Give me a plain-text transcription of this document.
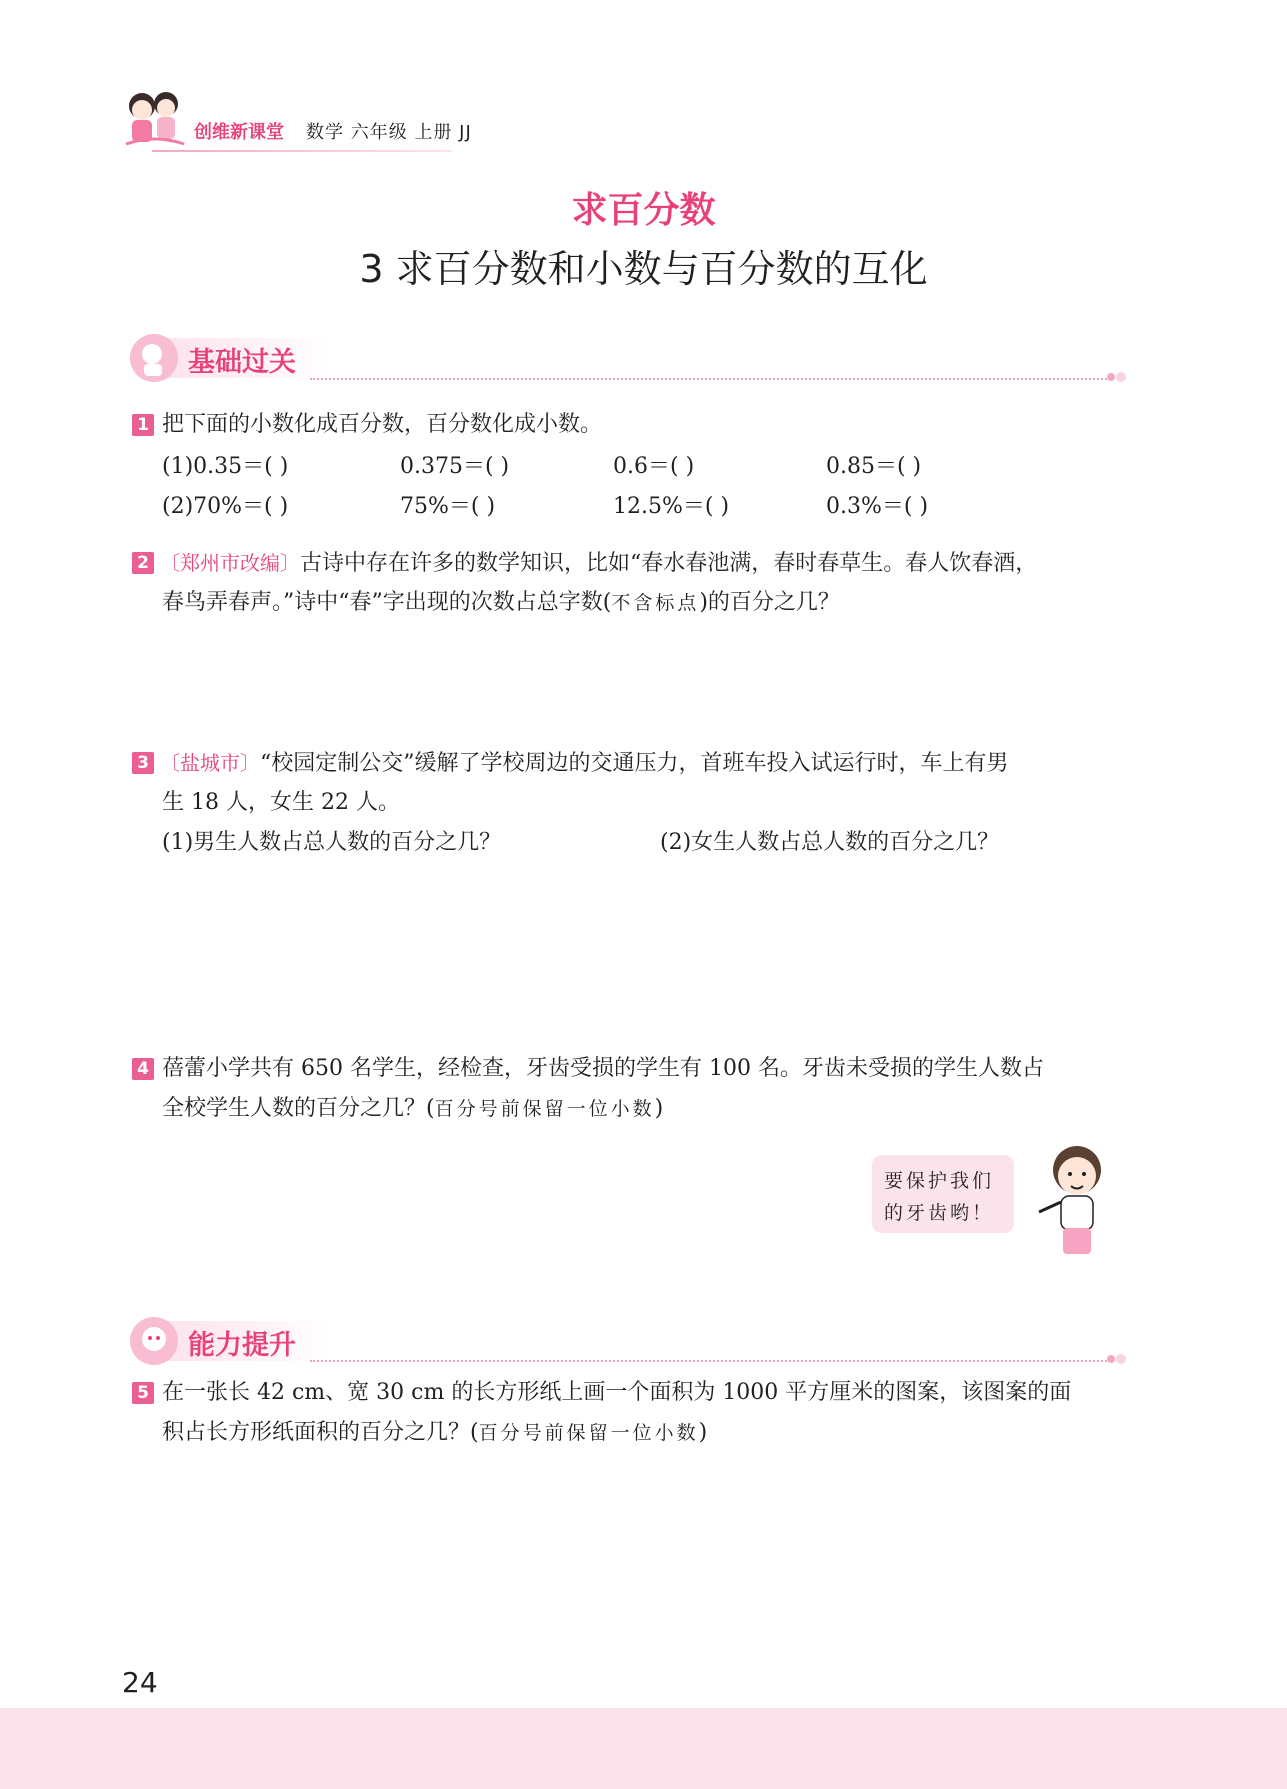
创维新课堂 数学 六年级 上册 JJ
求百分数
3 求百分数和小数与百分数的互化
基础过关
1 把下面的小数化成百分数，百分数化成小数。
(1)0.35＝( )	0.375＝( )	0.6＝( )	0.85＝( )
(2)70%＝( )	75%＝( )	12.5%＝( )	0.3%＝( )
2 〔郑州市改编〕古诗中存在许多的数学知识，比如“春水春池满，春时春草生。春人饮春酒，
春鸟弄春声。”诗中“春”字出现的次数占总字数(不含标点)的百分之几？
3 〔盐城市〕“校园定制公交”缓解了学校周边的交通压力，首班车投入试运行时，车上有男
生 18 人，女生 22 人。
(1)男生人数占总人数的百分之几？	(2)女生人数占总人数的百分之几？
4 蓓蕾小学共有 650 名学生，经检查，牙齿受损的学生有 100 名。牙齿未受损的学生人数占
全校学生人数的百分之几？(百分号前保留一位小数)
要保护我们
的牙齿哟！
能力提升
5 在一张长 42 cm、宽 30 cm 的长方形纸上画一个面积为 1000 平方厘米的图案，该图案的面
积占长方形纸面积的百分之几？(百分号前保留一位小数)
24
